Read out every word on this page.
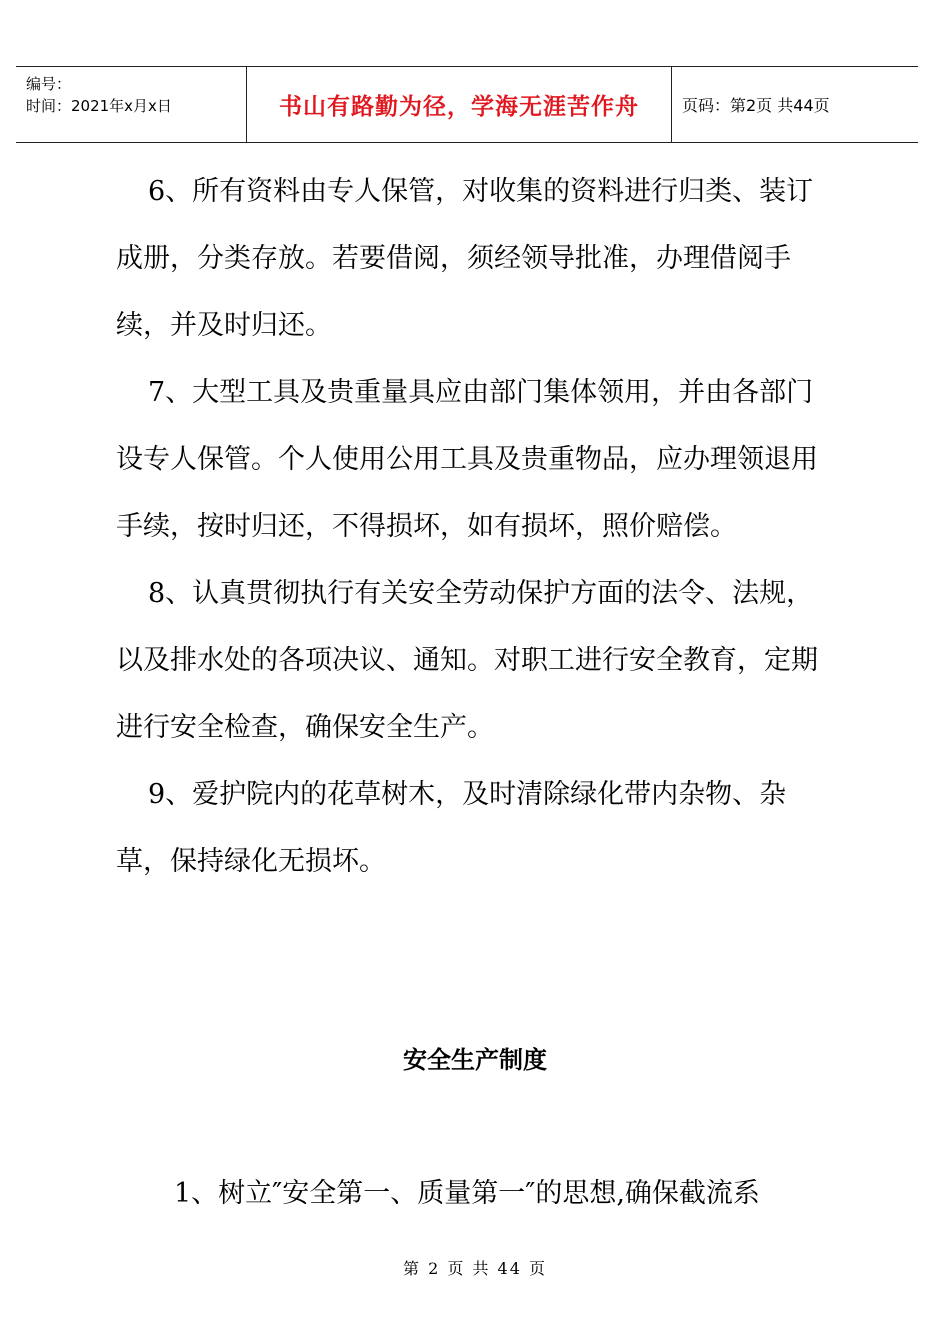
编号：
时间：2021年x月x日	书山有路勤为径，学海无涯苦作舟	页码：第2页 共44页

6、所有资料由专人保管，对收集的资料进行归类、装订成册，分类存放。若要借阅，须经领导批准，办理借阅手续，并及时归还。

7、大型工具及贵重量具应由部门集体领用，并由各部门设专人保管。个人使用公用工具及贵重物品，应办理领退用手续，按时归还，不得损坏，如有损坏，照价赔偿。

8、认真贯彻执行有关安全劳动保护方面的法令、法规，以及排水处的各项决议、通知。对职工进行安全教育，定期进行安全检查，确保安全生产。

9、爱护院内的花草树木，及时清除绿化带内杂物、杂草，保持绿化无损坏。

安全生产制度

1、树立″安全第一、质量第一″的思想,确保截流系

第 2 页 共 44 页
